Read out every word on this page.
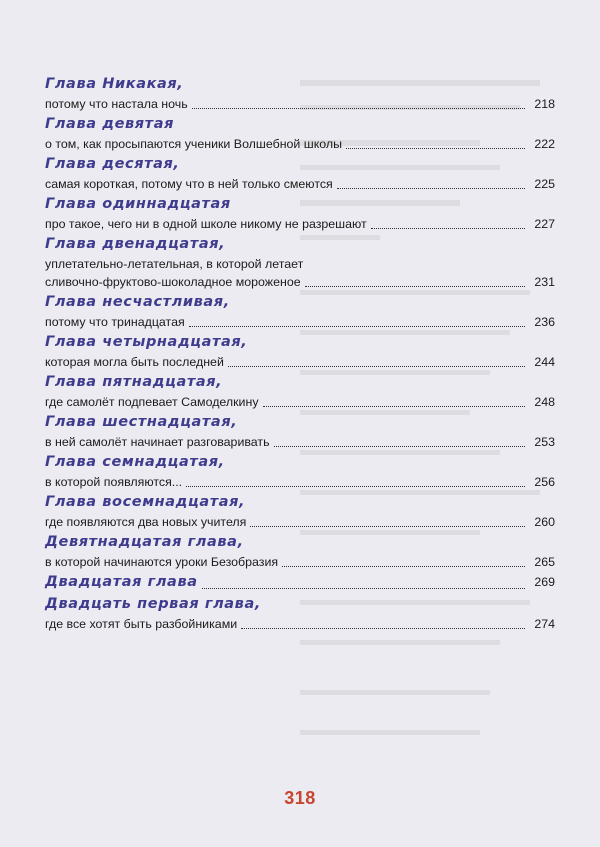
Глава Никакая,
потому что настала ночь	218
Глава девятая
о том, как просыпаются ученики Волшебной школы	222
Глава десятая,
самая короткая, потому что в ней только смеются	225
Глава одиннадцатая
про такое, чего ни в одной школе никому не разрешают	227
Глава двенадцатая,
уплетательно-летательная, в которой летает
сливочно-фруктово-шоколадное мороженое	231
Глава несчастливая,
потому что тринадцатая	236
Глава четырнадцатая,
которая могла быть последней	244
Глава пятнадцатая,
где самолёт подпевает Самоделкину	248
Глава шестнадцатая,
в ней самолёт начинает разговаривать	253
Глава семнадцатая,
в которой появляются...	256
Глава восемнадцатая,
где появляются два новых учителя	260
Девятнадцатая глава,
в которой начинаются уроки Безобразия	265
Двадцатая глава	269
Двадцать первая глава,
где все хотят быть разбойниками	274
318
